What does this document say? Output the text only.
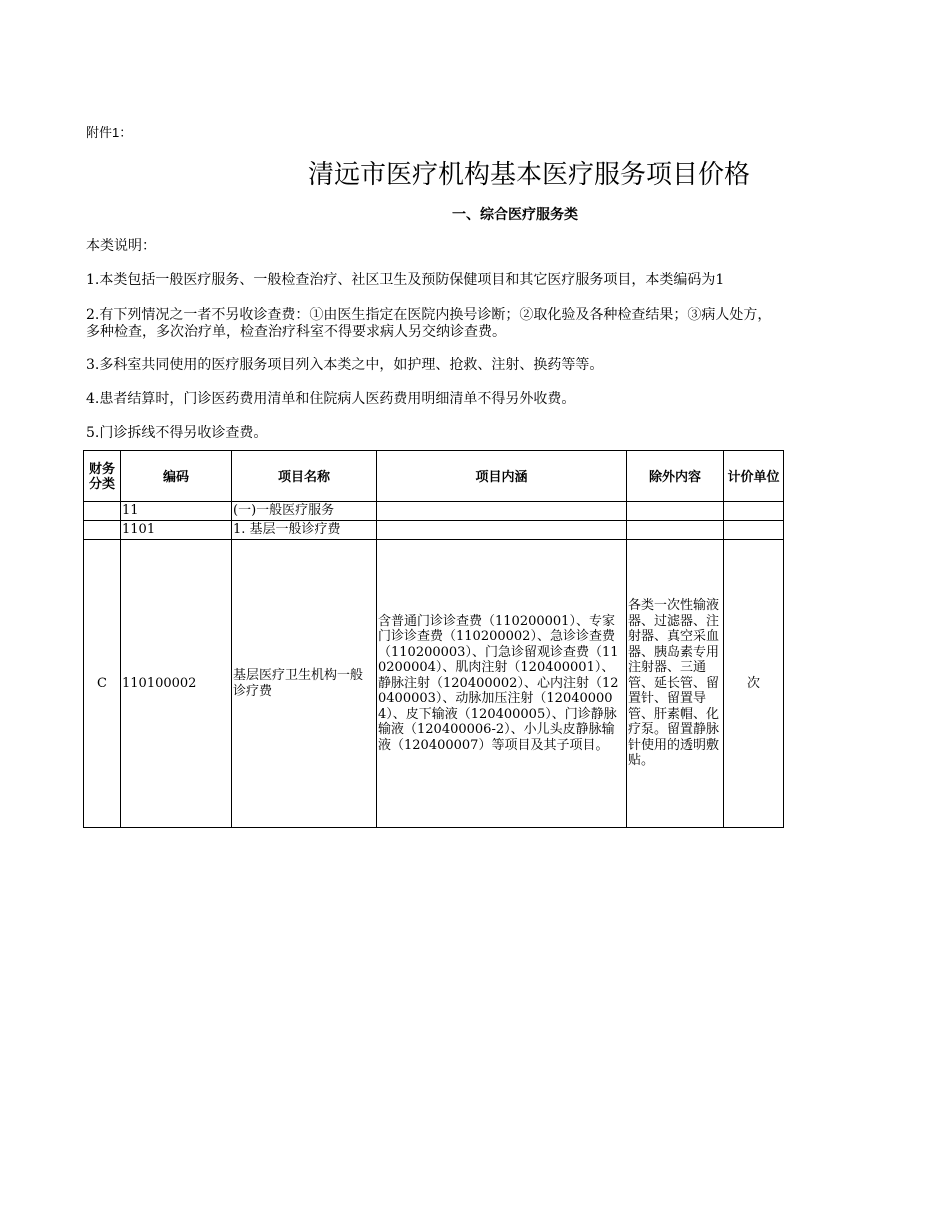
附件1：
清远市医疗机构基本医疗服务项目价格
一、综合医疗服务类
本类说明：
1.本类包括一般医疗服务、一般检查治疗、社区卫生及预防保健项目和其它医疗服务项目，本类编码为1
2.有下列情况之一者不另收诊查费：①由医生指定在医院内换号诊断；②取化验及各种检查结果；③病人处方，多种检查，多次治疗单，检查治疗科室不得要求病人另交纳诊查费。
3.多科室共同使用的医疗服务项目列入本类之中，如护理、抢救、注射、换药等等。
4.患者结算时，门诊医药费用清单和住院病人医药费用明细清单不得另外收费。
5.门诊拆线不得另收诊查费。
财务分类	编码	项目名称	项目内涵	除外内容	计价单位
	11	(一)一般医疗服务			
	1101	1. 基层一般诊疗费			
C	110100002	基层医疗卫生机构一般诊疗费	含普通门诊诊查费（110200001）、专家门诊诊查费（110200002）、急诊诊查费（110200003）、门急诊留观诊查费（110200004）、肌肉注射（120400001）、静脉注射（120400002）、心内注射（120400003）、动脉加压注射（120400004）、皮下输液（120400005）、门诊静脉输液（120400006-2）、小儿头皮静脉输液（120400007）等项目及其子项目。	各类一次性输液器、过滤器、注射器、真空采血器、胰岛素专用注射器、三通管、延长管、留置针、留置导管、肝素帽、化疗泵。留置静脉针使用的透明敷贴。	次
